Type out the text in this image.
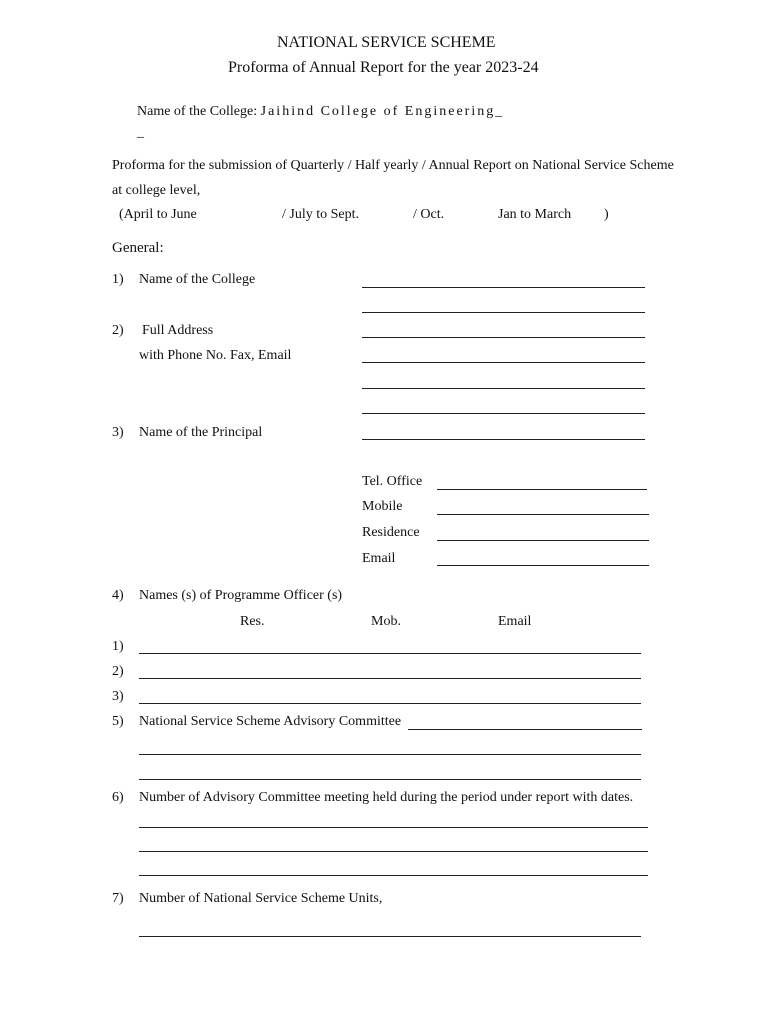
NATIONAL SERVICE SCHEME
Proforma of Annual Report for the year 2023-24
Name of the College: Jaihind College of Engineering_
_
Proforma for the submission of Quarterly / Half yearly / Annual Report on National Service Scheme
at college level,
(April to June	/ July to Sept.	/ Oct.	Jan to March )
General:
1) Name of the College
2) Full Address
with Phone No. Fax, Email
3) Name of the Principal
Tel. Office
Mobile
Residence
Email
4) Names (s) of Programme Officer (s)
Res.	Mob.	Email
1)
2)
3)
5) National Service Scheme Advisory Committee
6) Number of Advisory Committee meeting held during the period under report with dates.
7) Number of National Service Scheme Units,
